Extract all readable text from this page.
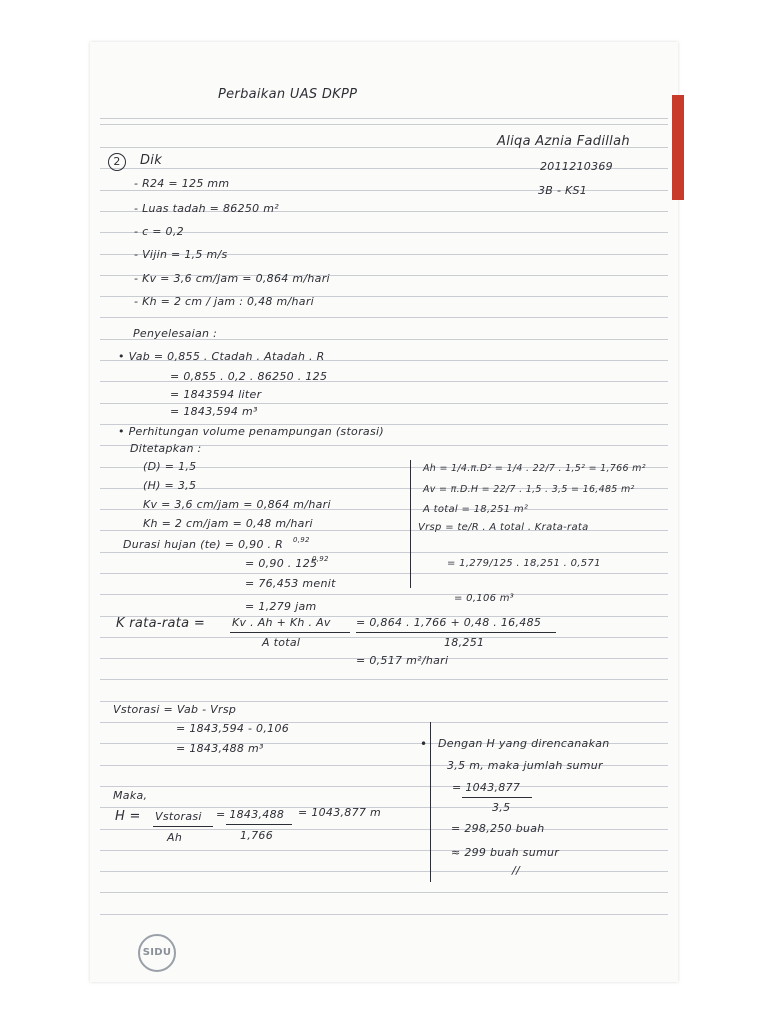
Perbaikan UAS DKPP
Aliqa Aznia Fadillah
2011210369
3B - KS1
2	Dik
- R24 = 125 mm
- Luas tadah = 86250 m²
- c = 0,2
- Vijin = 1,5 m/s
- Kv = 3,6 cm/jam = 0,864 m/hari
- Kh = 2 cm / jam : 0,48 m/hari
Penyelesaian :
• Vab = 0,855 . Ctadah . Atadah . R
= 0,855 . 0,2 . 86250 . 125
= 1843594 liter
= 1843,594 m³
• Perhitungan volume penampungan (storasi)
Ditetapkan :
(D) = 1,5
(H) = 3,5
Kv = 3,6 cm/jam = 0,864 m/hari
Kh = 2 cm/jam = 0,48 m/hari
Durasi hujan (te) = 0,90 . R 0,92
= 0,90 . 125
0,92
= 76,453 menit
= 1,279 jam
Ah = 1/4.π.D² = 1/4 . 22/7 . 1,5² = 1,766 m²
Av = π.D.H = 22/7 . 1,5 . 3,5 = 16,485 m²
A total = 18,251 m²
Vrsp = te/R . A total . Krata-rata
= 1,279/125 . 18,251 . 0,571
= 0,106 m³
K rata-rata = Kv . Ah + Kh . Av
A total
= 0,864 . 1,766 + 0,48 . 16,485
18,251
= 0,517 m²/hari
Vstorasi = Vab - Vrsp
= 1843,594 - 0,106
= 1843,488 m³
Maka,
H = Vstorasi
Ah
= 1843,488
1,766
= 1043,877 m
• Dengan H yang direncanakan
3,5 m, maka jumlah sumur
= 1043,877
3,5
= 298,250 buah
≈ 299 buah sumur
//
SIDU
